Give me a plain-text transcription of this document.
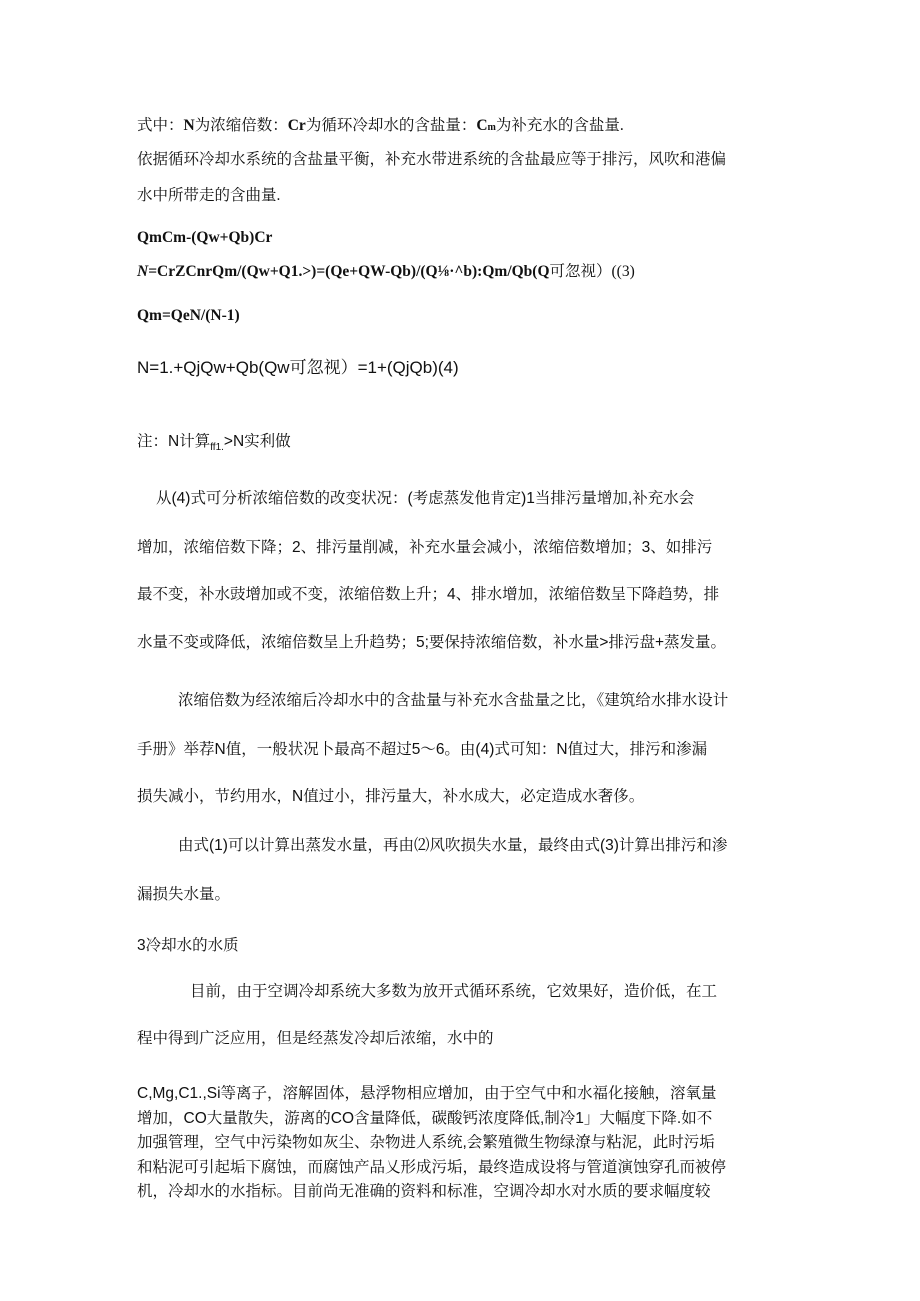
式中：N为浓缩倍数：Cr为循环冷却水的含盐量：Cm为补充水的含盐量.
依据循环冷却水系统的含盐量平衡，补充水带进系统的含盐最应等于排污，风吹和港偏
水中所带走的含曲量.
QmCm-(Qw+Qb)Cr
N=CrZCnrQm/(Qw+Q1.>)=(Qe+QW-Qb)/(Q⅛·^b):Qm/Qb(Q可忽视）((3)
Qm=QeN/(N-1)
N=1.+QjQw+Qb(Qw可忽视）=1+(QjQb)(4)
注：N计算$_{ff1.}$>N实利做
从(4)式可分析浓缩倍数的改变状况：(考虑蒸发他肯定)1当排污量增加,补充水会
增加，浓缩倍数下降；2、排污量削减，补充水量会减小，浓缩倍数增加；3、如排污
最不变，补水豉增加或不变，浓缩倍数上升；4、排水增加，浓缩倍数呈下降趋势，排
水量不变或降低，浓缩倍数呈上升趋势；5;要保持浓缩倍数，补水量>排污盘+蒸发量。
浓缩倍数为经浓缩后冷却水中的含盐量与补充水含盐量之比，《建筑给水排水设计
手册》举荐N值，一般状况卜最高不超过5～6。由(4)式可知：N值过大，排污和渗漏
损失减小，节约用水，N值过小，排污量大，补水成大，必定造成水奢侈。
由式(1)可以计算出蒸发水量，再由⑵风吹损失水量，最终由式(3)计算出排污和渗
漏损失水量。
3冷却水的水质
目前，由于空调冷却系统大多数为放开式循环系统，它效果好，造价低，在工
程中得到广泛应用，但是经蒸发冷却后浓缩，水中的
C,Mg,C1.,Si等离子，溶解固体，悬浮物相应增加，由于空气中和水福化接触，溶氧量
增加，CO大量散失，游离的CO含量降低，碳酸钙浓度降低,制冷1」大幅度下降.如不
加强管理，空气中污染物如灰尘、杂物进人系统,会繁殖微生物绿潦与粘泥，此时污垢
和粘泥可引起垢下腐蚀，而腐蚀产品乂形成污垢，最终造成设将与管道演蚀穿孔而被停
机，冷却水的水指标。目前尚无准确的资料和标准，空调冷却水对水质的要求幅度较
